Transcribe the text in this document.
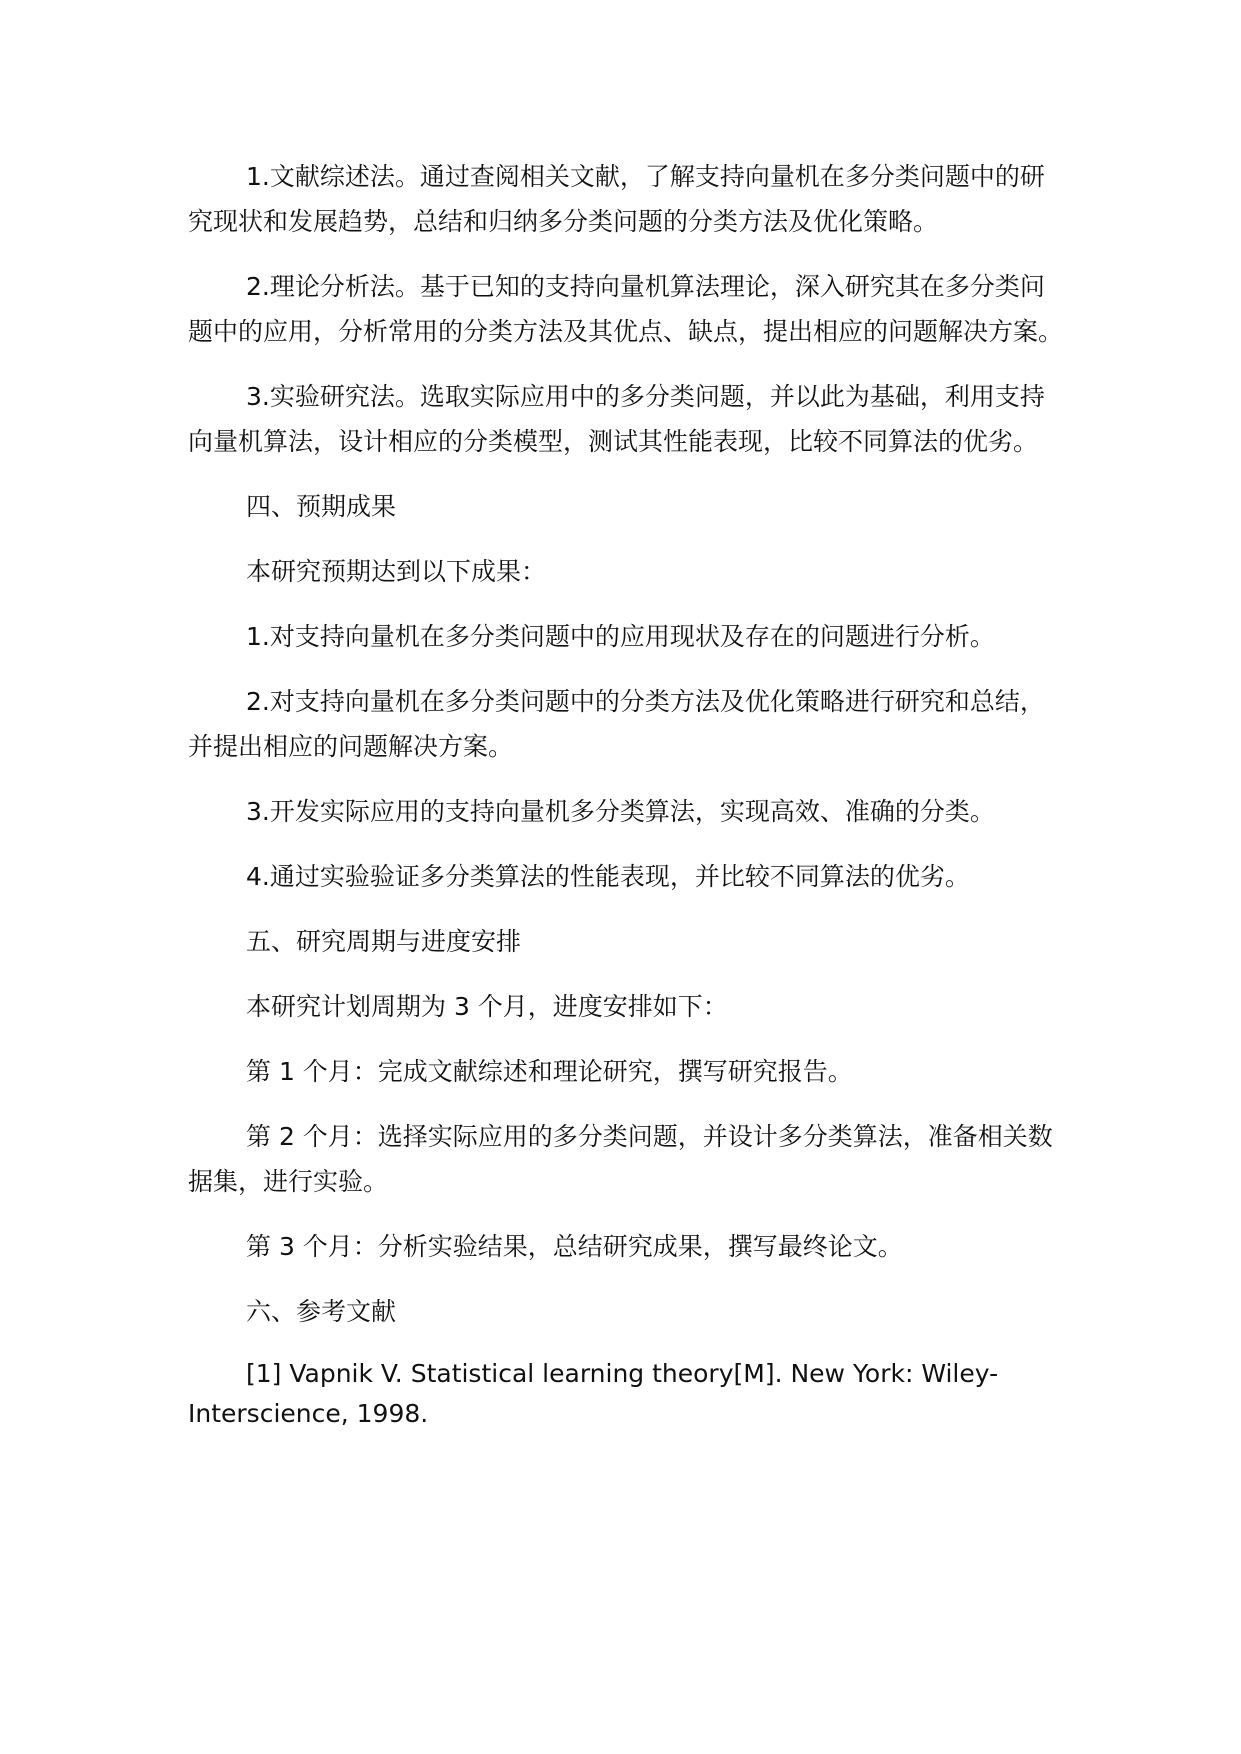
1.文献综述法。通过查阅相关文献，了解支持向量机在多分类问题中的研究现状和发展趋势，总结和归纳多分类问题的分类方法及优化策略。

2.理论分析法。基于已知的支持向量机算法理论，深入研究其在多分类问题中的应用，分析常用的分类方法及其优点、缺点，提出相应的问题解决方案。

3.实验研究法。选取实际应用中的多分类问题，并以此为基础，利用支持向量机算法，设计相应的分类模型，测试其性能表现，比较不同算法的优劣。

四、预期成果

本研究预期达到以下成果：

1.对支持向量机在多分类问题中的应用现状及存在的问题进行分析。

2.对支持向量机在多分类问题中的分类方法及优化策略进行研究和总结，并提出相应的问题解决方案。

3.开发实际应用的支持向量机多分类算法，实现高效、准确的分类。

4.通过实验验证多分类算法的性能表现，并比较不同算法的优劣。

五、研究周期与进度安排

本研究计划周期为 3 个月，进度安排如下：

第 1 个月：完成文献综述和理论研究，撰写研究报告。

第 2 个月：选择实际应用的多分类问题，并设计多分类算法，准备相关数据集，进行实验。

第 3 个月：分析实验结果，总结研究成果，撰写最终论文。

六、参考文献

[1] Vapnik V. Statistical learning theory[M]. New York: Wiley-Interscience, 1998.
